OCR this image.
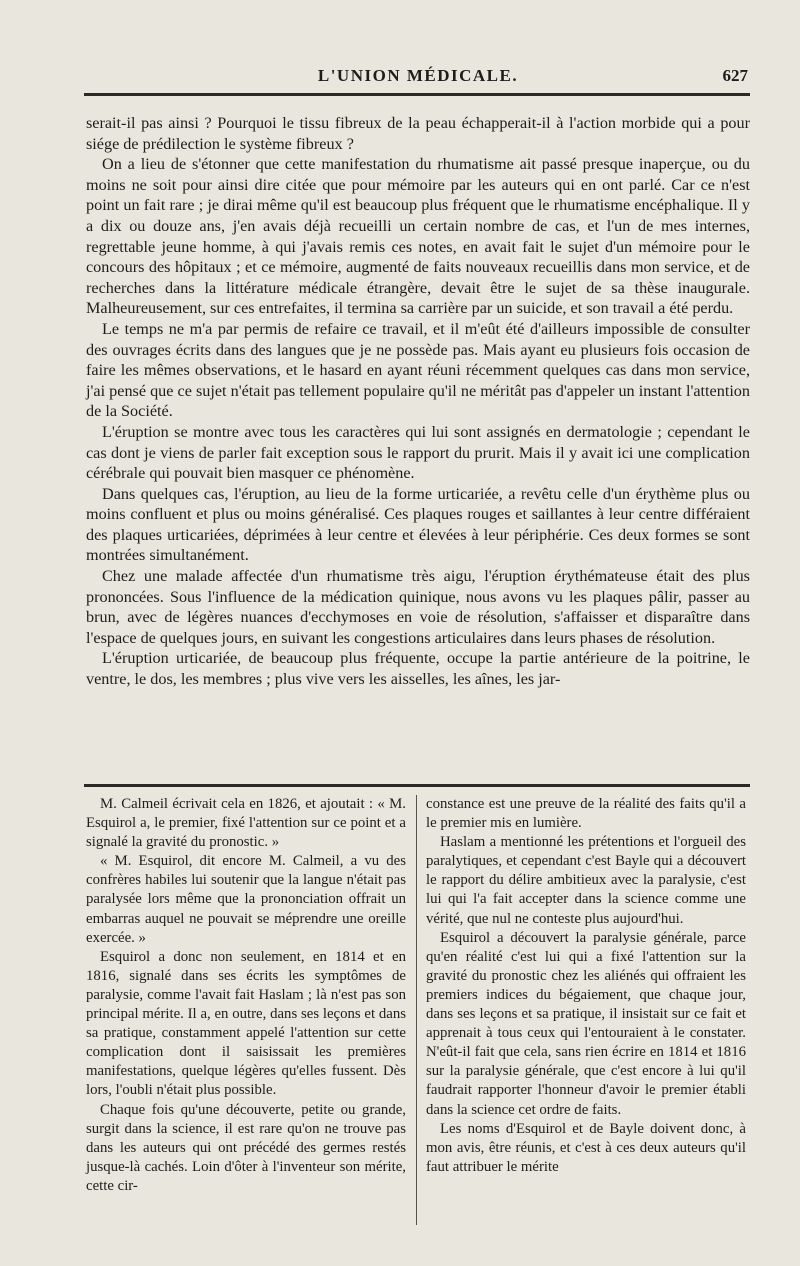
L'UNION MÉDICALE.	627

serait-il pas ainsi ? Pourquoi le tissu fibreux de la peau échapperait-il à l'action morbide qui a pour siége de prédilection le système fibreux ?

On a lieu de s'étonner que cette manifestation du rhumatisme ait passé presque inaperçue, ou du moins ne soit pour ainsi dire citée que pour mémoire par les auteurs qui en ont parlé. Car ce n'est point un fait rare ; je dirai même qu'il est beaucoup plus fréquent que le rhumatisme encéphalique. Il y a dix ou douze ans, j'en avais déjà recueilli un certain nombre de cas, et l'un de mes internes, regrettable jeune homme, à qui j'avais remis ces notes, en avait fait le sujet d'un mémoire pour le concours des hôpitaux ; et ce mémoire, augmenté de faits nouveaux recueillis dans mon service, et de recherches dans la littérature médicale étrangère, devait être le sujet de sa thèse inaugurale. Malheureusement, sur ces entrefaites, il termina sa carrière par un suicide, et son travail a été perdu.

Le temps ne m'a par permis de refaire ce travail, et il m'eût été d'ailleurs impossible de consulter des ouvrages écrits dans des langues que je ne possède pas. Mais ayant eu plusieurs fois occasion de faire les mêmes observations, et le hasard en ayant réuni récemment quelques cas dans mon service, j'ai pensé que ce sujet n'était pas tellement populaire qu'il ne méritât pas d'appeler un instant l'attention de la Société.

L'éruption se montre avec tous les caractères qui lui sont assignés en dermatologie ; cependant le cas dont je viens de parler fait exception sous le rapport du prurit. Mais il y avait ici une complication cérébrale qui pouvait bien masquer ce phénomène.

Dans quelques cas, l'éruption, au lieu de la forme urticariée, a revêtu celle d'un érythème plus ou moins confluent et plus ou moins généralisé. Ces plaques rouges et saillantes à leur centre différaient des plaques urticariées, déprimées à leur centre et élevées à leur périphérie. Ces deux formes se sont montrées simultanément.

Chez une malade affectée d'un rhumatisme très aigu, l'éruption érythémateuse était des plus prononcées. Sous l'influence de la médication quinique, nous avons vu les plaques pâlir, passer au brun, avec de légères nuances d'ecchymoses en voie de résolution, s'affaisser et disparaître dans l'espace de quelques jours, en suivant les congestions articulaires dans leurs phases de résolution.

L'éruption urticariée, de beaucoup plus fréquente, occupe la partie antérieure de la poitrine, le ventre, le dos, les membres ; plus vive vers les aisselles, les aînes, les jar-

M. Calmeil écrivait cela en 1826, et ajoutait : « M. Esquirol a, le premier, fixé l'attention sur ce point et a signalé la gravité du pronostic. »

« M. Esquirol, dit encore M. Calmeil, a vu des confrères habiles lui soutenir que la langue n'était pas paralysée lors même que la prononciation offrait un embarras auquel ne pouvait se méprendre une oreille exercée. »

Esquirol a donc non seulement, en 1814 et en 1816, signalé dans ses écrits les symptômes de paralysie, comme l'avait fait Haslam ; là n'est pas son principal mérite. Il a, en outre, dans ses leçons et dans sa pratique, constamment appelé l'attention sur cette complication dont il saisissait les premières manifestations, quelque légères qu'elles fussent. Dès lors, l'oubli n'était plus possible.

Chaque fois qu'une découverte, petite ou grande, surgit dans la science, il est rare qu'on ne trouve pas dans les auteurs qui ont précédé des germes restés jusque-là cachés. Loin d'ôter à l'inventeur son mérite, cette cir-

constance est une preuve de la réalité des faits qu'il a le premier mis en lumière.

Haslam a mentionné les prétentions et l'orgueil des paralytiques, et cependant c'est Bayle qui a découvert le rapport du délire ambitieux avec la paralysie, c'est lui qui l'a fait accepter dans la science comme une vérité, que nul ne conteste plus aujourd'hui.

Esquirol a découvert la paralysie générale, parce qu'en réalité c'est lui qui a fixé l'attention sur la gravité du pronostic chez les aliénés qui offraient les premiers indices du bégaiement, que chaque jour, dans ses leçons et sa pratique, il insistait sur ce fait et apprenait à tous ceux qui l'entouraient à le constater. N'eût-il fait que cela, sans rien écrire en 1814 et 1816 sur la paralysie générale, que c'est encore à lui qu'il faudrait rapporter l'honneur d'avoir le premier établi dans la science cet ordre de faits.

Les noms d'Esquirol et de Bayle doivent donc, à mon avis, être réunis, et c'est à ces deux auteurs qu'il faut attribuer le mérite
